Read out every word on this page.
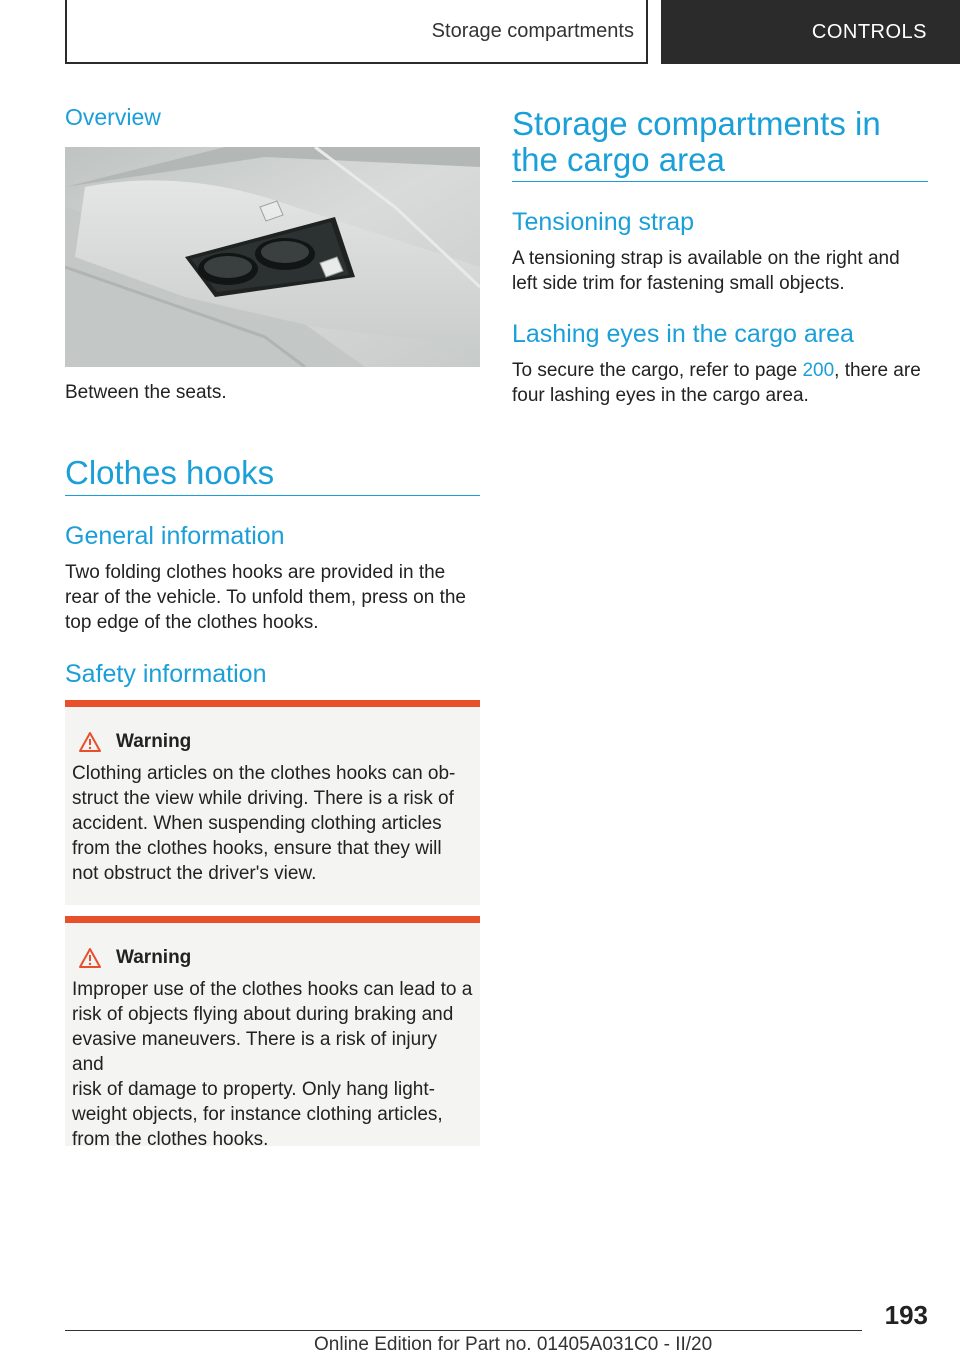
Storage compartments	CONTROLS
Overview

Between the seats.

Clothes hooks
General information

Two folding clothes hooks are provided in the rear of the vehicle. To unfold them, press on the top edge of the clothes hooks.

Safety information
Warning

Clothing articles on the clothes hooks can ob‐
struct the view while driving. There is a risk of
accident. When suspending clothing articles
from the clothes hooks, ensure that they will
not obstruct the driver's view.

Warning

Improper use of the clothes hooks can lead to a
risk of objects flying about during braking and
evasive maneuvers. There is a risk of injury and
risk of damage to property. Only hang light‐
weight objects, for instance clothing articles,
from the clothes hooks.

Storage compartments in the cargo area
Tensioning strap

A tensioning strap is available on the right and left side trim for fastening small objects.

Lashing eyes in the cargo area

To secure the cargo, refer to page 200, there are four lashing eyes in the cargo area.

193
Online Edition for Part no. 01405A031C0 - II/20
